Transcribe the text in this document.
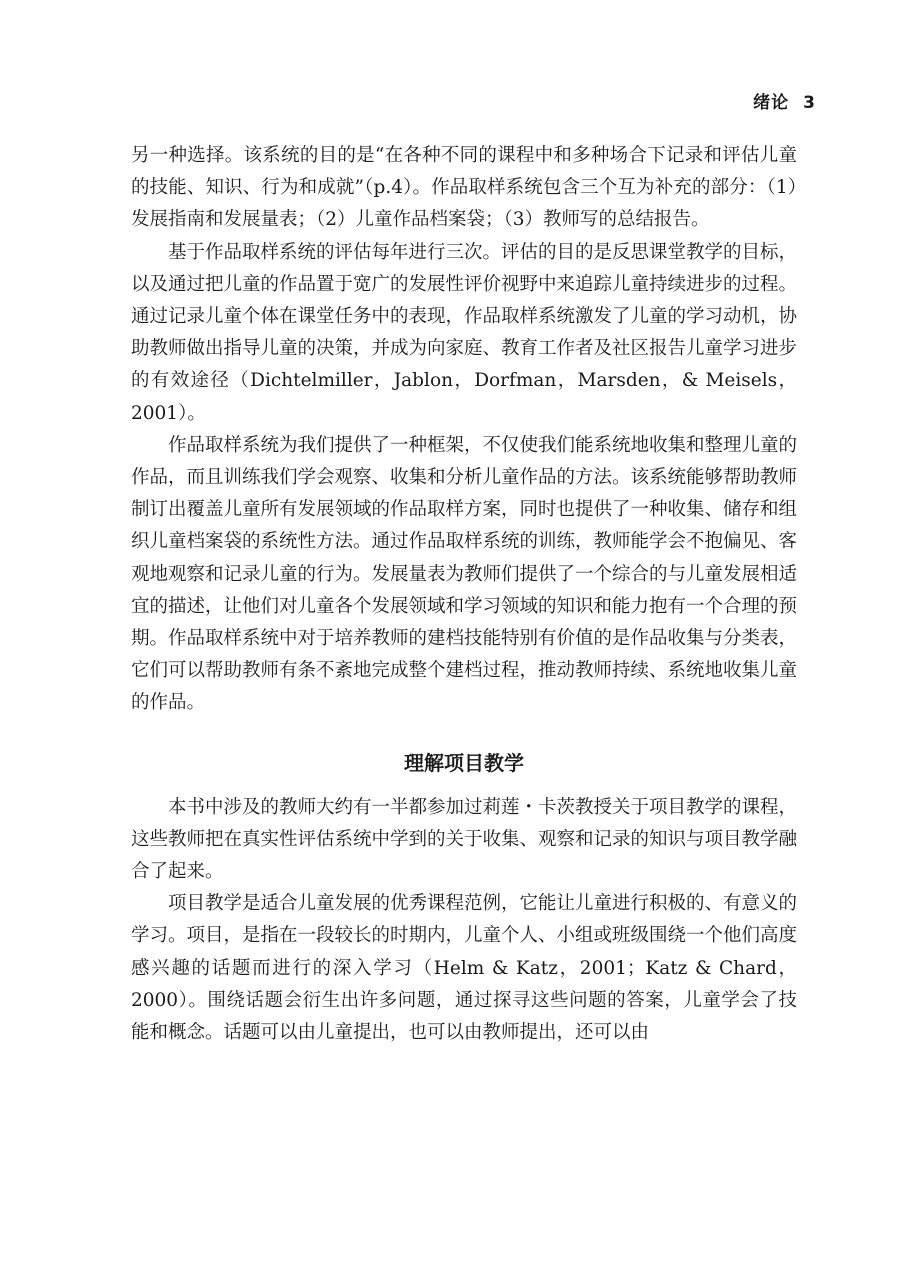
绪论 3

另一种选择。该系统的目的是“在各种不同的课程中和多种场合下记录和评估儿童的技能、知识、行为和成就”（p.4）。作品取样系统包含三个互为补充的部分：（1）发展指南和发展量表；（2）儿童作品档案袋；（3）教师写的总结报告。

基于作品取样系统的评估每年进行三次。评估的目的是反思课堂教学的目标，以及通过把儿童的作品置于宽广的发展性评价视野中来追踪儿童持续进步的过程。通过记录儿童个体在课堂任务中的表现，作品取样系统激发了儿童的学习动机，协助教师做出指导儿童的决策，并成为向家庭、教育工作者及社区报告儿童学习进步的有效途径（Dichtelmiller，Jablon，Dorfman，Marsden，& Meisels，2001）。

作品取样系统为我们提供了一种框架，不仅使我们能系统地收集和整理儿童的作品，而且训练我们学会观察、收集和分析儿童作品的方法。该系统能够帮助教师制订出覆盖儿童所有发展领域的作品取样方案，同时也提供了一种收集、储存和组织儿童档案袋的系统性方法。通过作品取样系统的训练，教师能学会不抱偏见、客观地观察和记录儿童的行为。发展量表为教师们提供了一个综合的与儿童发展相适宜的描述，让他们对儿童各个发展领域和学习领域的知识和能力抱有一个合理的预期。作品取样系统中对于培养教师的建档技能特别有价值的是作品收集与分类表，它们可以帮助教师有条不紊地完成整个建档过程，推动教师持续、系统地收集儿童的作品。

理解项目教学

本书中涉及的教师大约有一半都参加过莉莲・卡茨教授关于项目教学的课程，这些教师把在真实性评估系统中学到的关于收集、观察和记录的知识与项目教学融合了起来。

项目教学是适合儿童发展的优秀课程范例，它能让儿童进行积极的、有意义的学习。项目，是指在一段较长的时期内，儿童个人、小组或班级围绕一个他们高度感兴趣的话题而进行的深入学习（Helm & Katz，2001；Katz & Chard，2000）。围绕话题会衍生出许多问题，通过探寻这些问题的答案，儿童学会了技能和概念。话题可以由儿童提出，也可以由教师提出，还可以由
